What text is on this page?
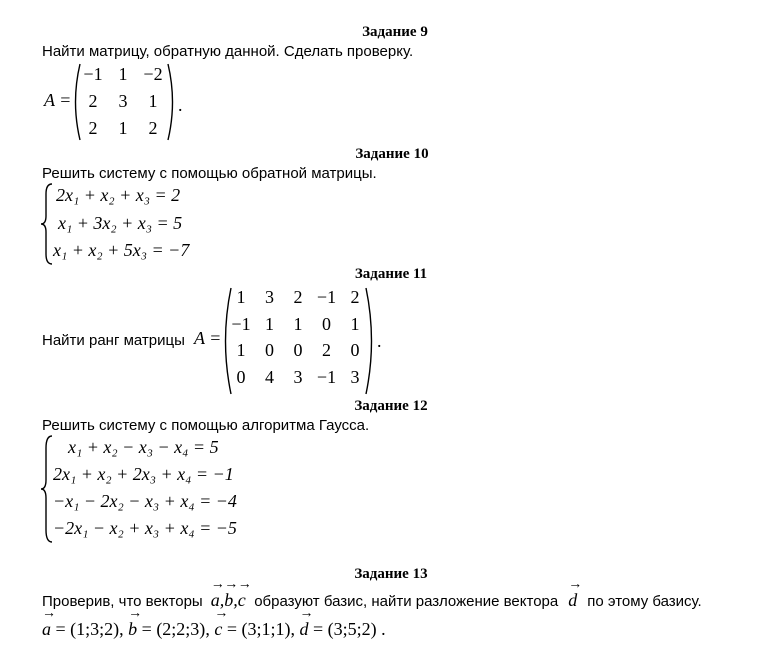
Задание 9
Найти матрицу, обратную данной. Сделать проверку.
A =	.
−1 1 −2
2	3	1
2	1	2
Задание 10
Решить систему с помощью обратной матрицы.
2x₁ + x₂ + x₃ = 2
x₁ + 3x₂ + x₃ = 5
x₁ + x₂ + 5x₃ = −7
Задание 11
Найти ранг матрицы A =	.
1	3	2 −1 2
−1 1	1	0	1
1	0	0	2	0
0	4	3 −1 3
Задание 12
Решить систему с помощью алгоритма Гаусса.
x₁ + x₂ − x₃ − x₄ = 5
2x₁ + x₂ + 2x₃ + x₄ = −1
−x₁ − 2x₂ − x₃ + x₄ = −4
−2x₁ − x₂ + x₃ + x₄ = −5
Задание 13
Проверив, что векторы → a,→ b,→ c образуют базис, найти разложение вектора → d по этому базису.
→ a = (1;3;2), → b = (2;2;3), → c = (3;1;1), → d = (3;5;2) .
